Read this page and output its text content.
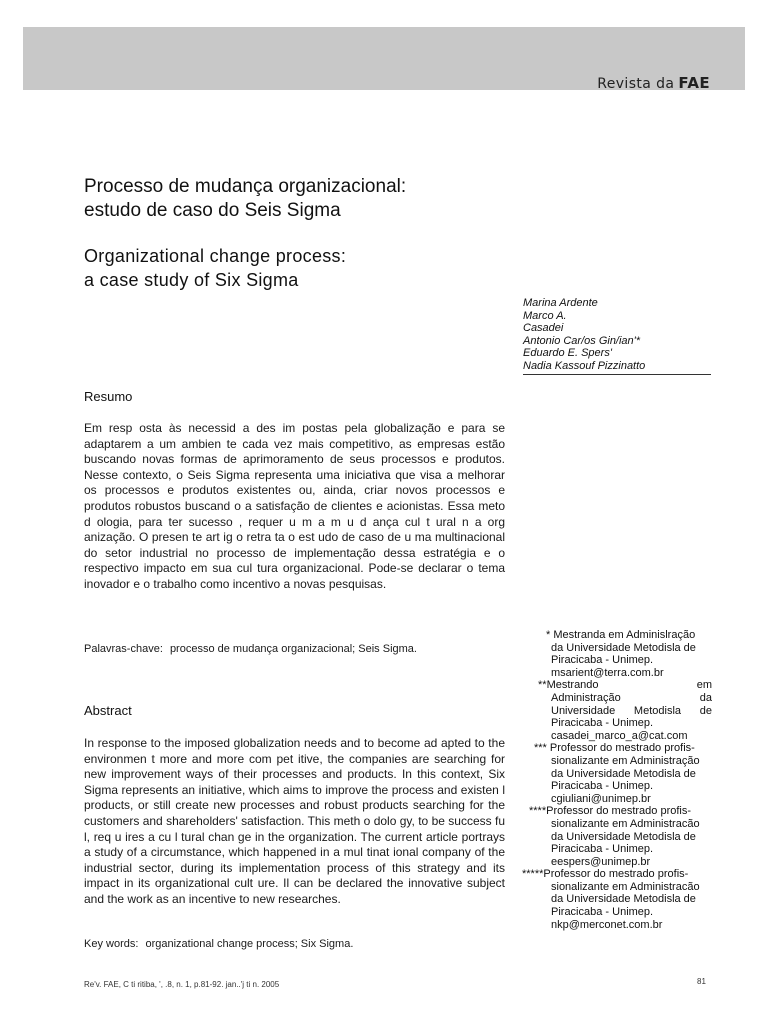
Revista da FAE
Processo de mudança organizacional:
estudo de caso do Seis Sigma
Organizational change process:
a case study of Six Sigma
Marina Ardente
Marco A.
Casadei
Antonio Car/os Gin/ian'*
Eduardo E. Spers'
Nadia Kassouf Pizzinatto
Resumo

Em resp osta às necessid a des im postas pela globalização e para se adaptarem a um ambien te cada vez mais competitivo, as empresas estão buscando novas formas de aprimoramento de seus processos e produtos. Nesse contexto, o Seis Sigma representa uma iniciativa que visa a melhorar os processos e produtos existentes ou, ainda, criar novos processos e produtos robustos buscand o a satisfação de clientes e acionistas. Essa meto d ologia, para ter sucesso , requer u m a m u d ança cul t ural n a org anização. O presen te art ig o retra ta o est udo de caso de u ma multinacional do setor industrial no processo de implementação dessa estratégia e o respectivo impacto em sua cul tura organizacional. Pode-se declarar o tema inovador e o trabalho como incentivo a novas pesquisas.

Palavras-chave: processo de mudança organizacional; Seis Sigma.
Abstract

In response to the imposed globalization needs and to become ad apted to the environmen t more and more com pet itive, the companies are searching for new improvement ways of their processes and products. In this context, Six Sigma represents an initiative, which aims to improve the process and existen l products, or still create new processes and robust products searching for the customers and shareholders' satisfaction. This meth o dolo gy, to be success fu l, req u ires a cu l tural chan ge in the organization. The current article portrays a study of a circumstance, which happened in a mul tinat ional company of the industrial sector, during its implementation process of this strategy and its impact in its organizational cult ure. Il can be declared the innovative subject and the work as an incentive to new researches.

Key words: organizational change process; Six Sigma.
* Mestranda em Adminislração
da Universidade Metodisla de
Piracicaba - Unimep.
msarient@terra.com.br
**Mestrando em
Administração da
Universidade Metodisla de
Piracicaba - Unimep.
casadei_marco_a@cat.com
*** Professor do mestrado profis-
sionalizante em Administração
da Universidade Metodisla de
Piracicaba - Unimep.
cgiuliani@unimep.br
****Professor do mestrado profis-
sionalizante em Administracão
da Universidade Metodisla de
Piracicaba - Unimep.
eespers@unimep.br
*****Professor do mestrado profis-
sionalizante em Administracão
da Universidade Metodisla de
Piracicaba - Unimep.
nkp@merconet.com.br
Re'v. FAE, C ti ritiba, ', .8, n. 1, p.81-92. jan..'j ti n. 2005	81
